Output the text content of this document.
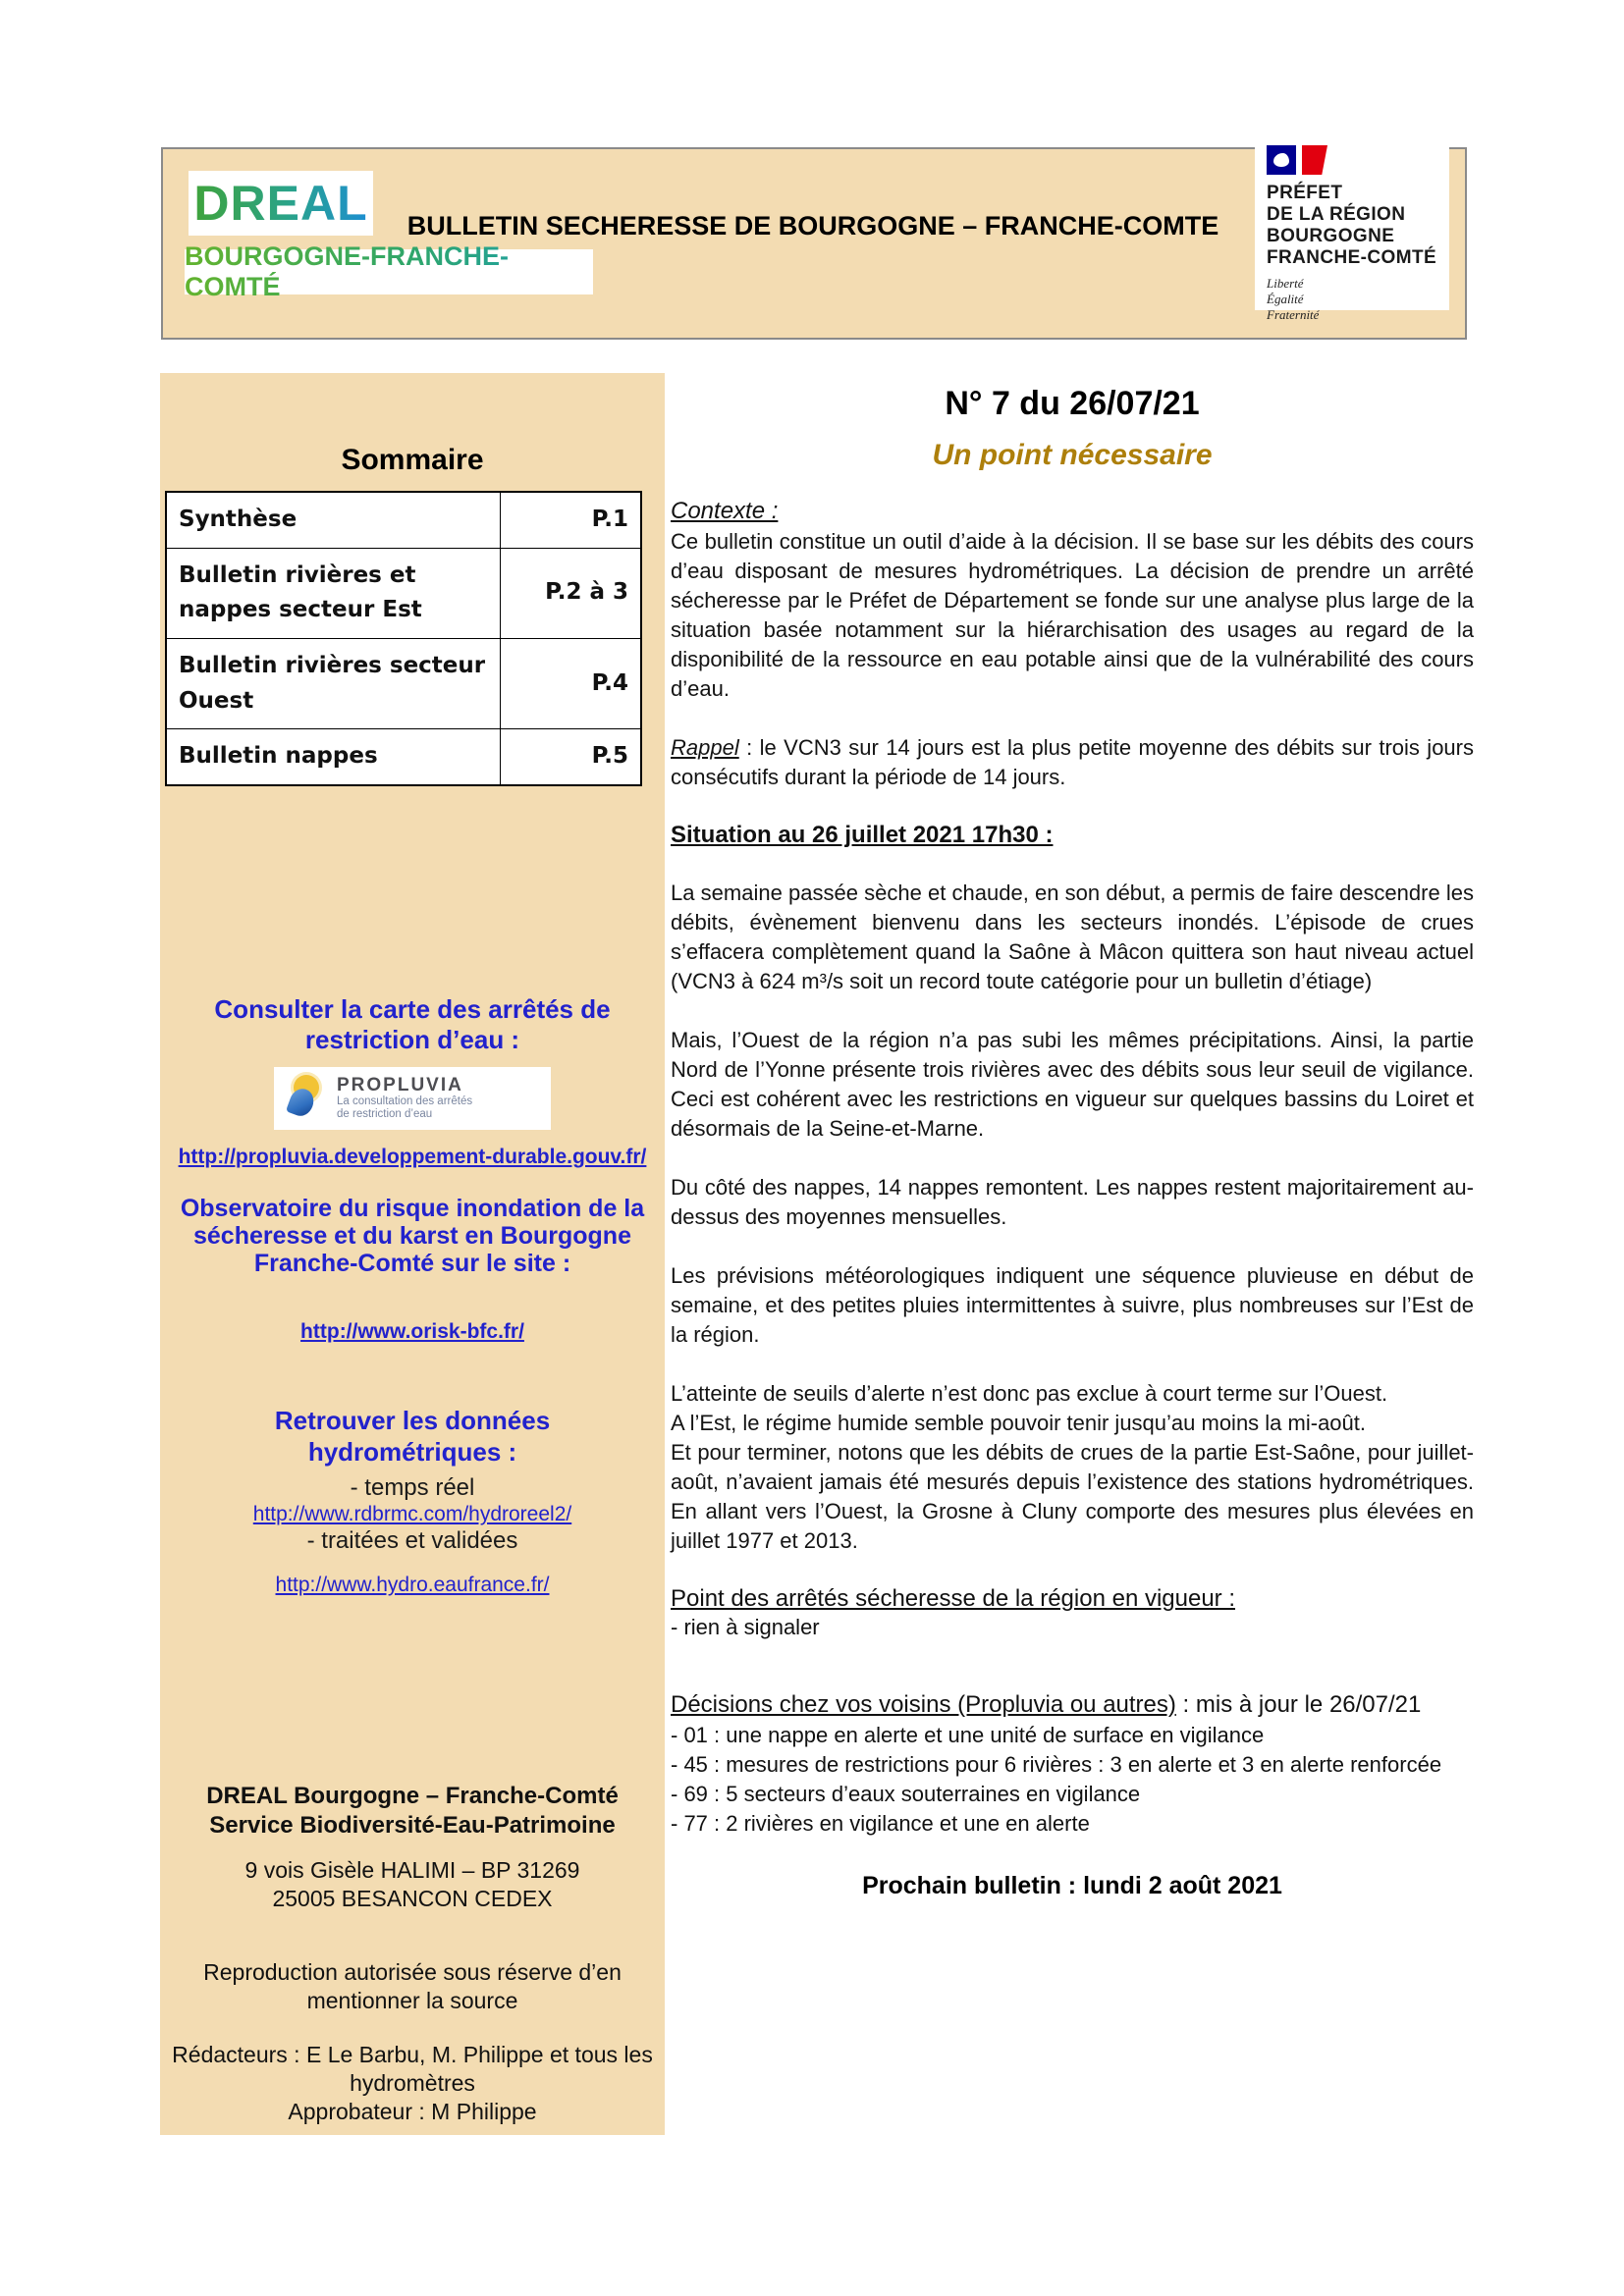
DREAL
BOURGOGNE-FRANCHE-COMTÉ
BULLETIN SECHERESSE DE BOURGOGNE – FRANCHE-COMTE
PRÉFET
DE LA RÉGION
BOURGOGNE
FRANCHE-COMTÉ
Liberté
Égalité
Fraternité
Sommaire
Synthèse	P.1
Bulletin rivières et nappes secteur Est	P.2 à 3
Bulletin rivières secteur Ouest	P.4
Bulletin nappes	P.5
Consulter la carte des arrêtés de restriction d’eau :
PROPLUVIA
La consultation des arrêtés
de restriction d’eau
http://propluvia.developpement-durable.gouv.fr/
Observatoire du risque inondation de la sécheresse et du karst en Bourgogne Franche-Comté sur le site :
http://www.orisk-bfc.fr/
Retrouver les données hydrométriques :
- temps réel
http://www.rdbrmc.com/hydroreel2/
- traitées et validées
http://www.hydro.eaufrance.fr/
DREAL Bourgogne – Franche-Comté
Service Biodiversité-Eau-Patrimoine
9 vois Gisèle HALIMI – BP 31269
25005 BESANCON CEDEX
Reproduction autorisée sous réserve d’en mentionner la source
Rédacteurs : E Le Barbu, M. Philippe et tous les hydromètres
Approbateur : M Philippe
N° 7 du 26/07/21
Un point nécessaire
Contexte :

Ce bulletin constitue un outil d’aide à la décision. Il se base sur les débits des cours d’eau disposant de mesures hydrométriques. La décision de prendre un arrêté sécheresse par le Préfet de Département se fonde sur une analyse plus large de la situation basée notamment sur la hiérarchisation des usages au regard de la disponibilité de la ressource en eau potable ainsi que de la vulnérabilité des cours d’eau.

Rappel : le VCN3 sur 14 jours est la plus petite moyenne des débits sur trois jours consécutifs durant la période de 14 jours.

Situation au 26 juillet 2021 17h30 :

La semaine passée sèche et chaude, en son début, a permis de faire descendre les débits, évènement bienvenu dans les secteurs inondés. L’épisode de crues s’effacera complètement quand la Saône à Mâcon quittera son haut niveau actuel (VCN3 à 624 m³/s soit un record toute catégorie pour un bulletin d’étiage)

Mais, l’Ouest de la région n’a pas subi les mêmes précipitations. Ainsi, la partie Nord de l’Yonne présente trois rivières avec des débits sous leur seuil de vigilance. Ceci est cohérent avec les restrictions en vigueur sur quelques bassins du Loiret et désormais de la Seine-et-Marne.

Du côté des nappes, 14 nappes remontent. Les nappes restent majoritairement au-dessus des moyennes mensuelles.

Les prévisions météorologiques indiquent une séquence pluvieuse en début de semaine, et des petites pluies intermittentes à suivre, plus nombreuses sur l’Est de la région.

L’atteinte de seuils d’alerte n’est donc pas exclue à court terme sur l’Ouest.

A l’Est, le régime humide semble pouvoir tenir jusqu’au moins la mi-août.

Et pour terminer, notons que les débits de crues de la partie Est-Saône, pour juillet-août, n’avaient jamais été mesurés depuis l’existence des stations hydrométriques. En allant vers l’Ouest, la Grosne à Cluny comporte des mesures plus élevées en juillet 1977 et 2013.

Point des arrêtés sécheresse de la région en vigueur :
- rien à signaler
Décisions chez vos voisins (Propluvia ou autres) : mis à jour le 26/07/21
- 01 : une nappe en alerte et une unité de surface en vigilance
- 45 : mesures de restrictions pour 6 rivières : 3 en alerte et 3 en alerte renforcée
- 69 : 5 secteurs d’eaux souterraines en vigilance
- 77 : 2 rivières en vigilance et une en alerte
Prochain bulletin : lundi 2 août 2021
